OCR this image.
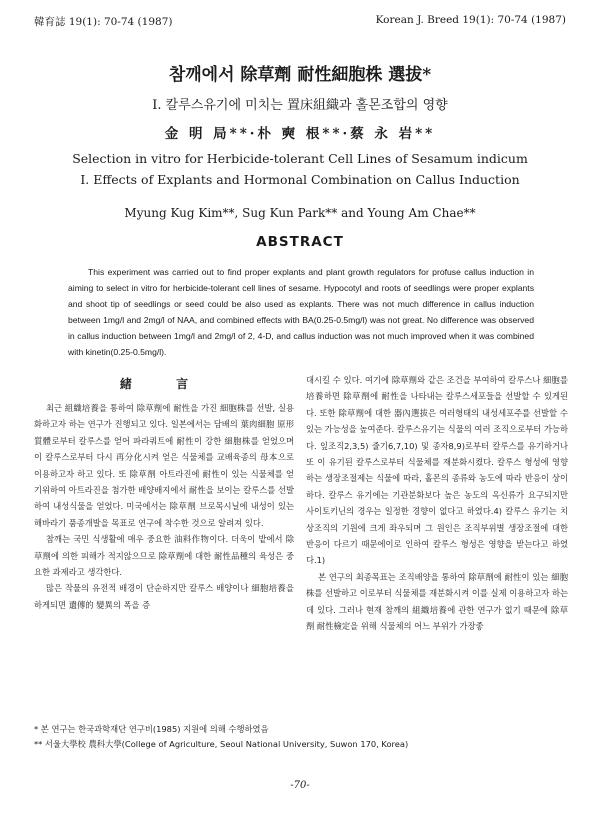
韓育誌 19(1): 70-74 (1987)	Korean J. Breed 19(1): 70-74 (1987)
참깨에서 除草劑 耐性細胞株 選拔*
Ⅰ. 칼루스유기에 미치는 置床組織과 홀몬조합의 영향
金 明 局**·朴 奭 根**·蔡 永 岩**
Selection in vitro for Herbicide-tolerant Cell Lines of Sesamum indicum
Ⅰ. Effects of Explants and Hormonal Combination on Callus Induction
Myung Kug Kim**, Sug Kun Park** and Young Am Chae**
ABSTRACT
This experiment was carried out to find proper explants and plant growth regulators for profuse callus induction in aiming to select in vitro for herbicide-tolerant cell lines of sesame. Hypocotyl and roots of seedlings were proper explants and shoot tip of seedlings or seed could be also used as explants. There was not much difference in callus induction between 1mg/l and 2mg/l of NAA, and combined effects with BA(0.25-0.5mg/l) was not great. No difference was observed in callus induction between 1mg/l and 2mg/l of 2, 4-D, and callus induction was not much improved when it was combined with kinetin(0.25-0.5mg/l).
緒 言

최근 組織培養을 통하여 除草劑에 耐性을 가진 細胞株를 선발, 실용화하고자 하는 연구가 진행되고 있다. 일본에서는 담배의 葉肉細胞 原形質體로부터 칼루스를 얻어 파라쿼트에 耐性이 강한 細胞株를 얻었으며 이 칼루스로부터 다시 再分化시켜 얻은 식물체를 교배육종의 母本으로 이용하고자 하고 있다. 또 除草劑 아트라진에 耐性이 있는 식물체를 얻기위하여 아트라진을 첨가한 배양배지에서 耐性을 보이는 칼루스를 선발하여 내성식물을 얻었다. 미국에서는 除草劑 브로목시닐에 내성이 있는 해바라기 품종개발을 목표로 연구에 착수한 것으로 알려져 있다.

참깨는 국민 식생활에 매우 중요한 油料作物이다. 더욱이 밭에서 除草劑에 의한 피해가 적지않으므로 除草劑에 대한 耐性品種의 육성은 중요한 과제라고 생각한다.

많은 작물의 유전적 배경이 단순하지만 칼루스 배양이나 細胞培養을 하게되면 遺傳的 變異의 폭을 증

대시킬 수 있다. 여기에 除草劑와 같은 조건을 부여하여 칼루스나 細胞를 培養하면 除草劑에 耐性을 나타내는 칼루스세포들을 선발할 수 있게된다. 또한 除草劑에 대한 器內選拔은 여러형태의 내성세포주를 선발할 수 있는 가능성을 높여준다. 칼루스유기는 식물의 여러 조직으로부터 가능하다. 잎조직2,3,5) 줄기6,7,10) 및 종자8,9)로부터 칼루스를 유기하거나 또 이 유기된 칼루스로부터 식물체를 재분화시켰다. 칼루스 형성에 영향하는 생장조절제는 식물에 따라, 홀몬의 종류와 농도에 따라 반응이 상이하다. 칼루스 유기에는 기관분화보다 높은 농도의 옥신류가 요구되지만 사이토키닌의 경우는 일정한 경향이 없다고 하였다.4) 칼루스 유기는 치상조직의 기원에 크게 좌우되며 그 원인은 조직부위별 생장조절에 대한 반응이 다르기 때문에이로 인하여 칼루스 형성은 영향을 받는다고 하였다.1)

본 연구의 최종목표는 조직배양을 통하여 除草劑에 耐性이 있는 細胞株를 선발하고 이로부터 식물체를 재분화시켜 이를 실제 이용하고자 하는데 있다. 그러나 현재 참깨의 組織培養에 관한 연구가 없기 때문에 除草劑 耐性檢定을 위해 식물체의 어느 부위가 가장좋

* 본 연구는 한국과학재단 연구비(1985) 지원에 의해 수행하였음
** 서울大學校 農科大學(College of Agriculture, Seoul National University, Suwon 170, Korea)
-70-
